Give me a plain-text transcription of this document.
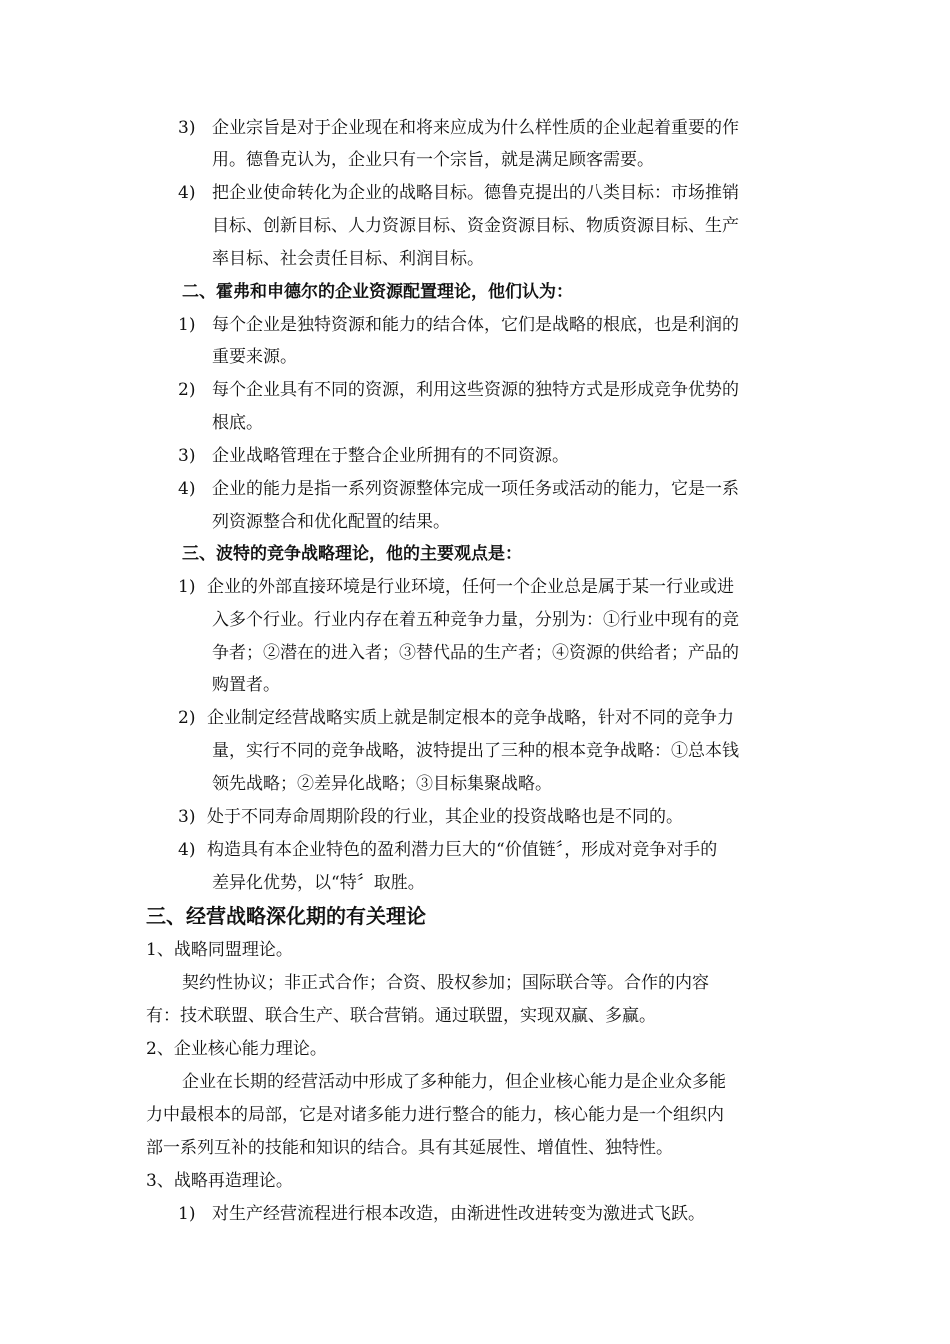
3) 企业宗旨是对于企业现在和将来应成为什么样性质的企业起着重要的作
用。德鲁克认为，企业只有一个宗旨，就是满足顾客需要。
4) 把企业使命转化为企业的战略目标。德鲁克提出的八类目标：市场推销
目标、创新目标、人力资源目标、资金资源目标、物质资源目标、生产
率目标、社会责任目标、利润目标。
二、霍弗和申德尔的企业资源配置理论，他们认为：
1) 每个企业是独特资源和能力的结合体，它们是战略的根底，也是利润的
重要来源。
2) 每个企业具有不同的资源，利用这些资源的独特方式是形成竞争优势的
根底。
3) 企业战略管理在于整合企业所拥有的不同资源。
4) 企业的能力是指一系列资源整体完成一项任务或活动的能力，它是一系
列资源整合和优化配置的结果。
三、波特的竞争战略理论，他的主要观点是：
1) 企业的外部直接环境是行业环境，任何一个企业总是属于某一行业或进
入多个行业。行业内存在着五种竞争力量，分别为：①行业中现有的竞
争者；②潜在的进入者；③替代品的生产者；④资源的供给者；产品的
购置者。
2) 企业制定经营战略实质上就是制定根本的竞争战略，针对不同的竞争力
量，实行不同的竞争战略，波特提出了三种的根本竞争战略：①总本钱
领先战略；②差异化战略；③目标集聚战略。
3) 处于不同寿命周期阶段的行业，其企业的投资战略也是不同的。
4) 构造具有本企业特色的盈利潜力巨大的“价值链〞，形成对竞争对手的
差异化优势，以“特〞取胜。
三、经营战略深化期的有关理论
1、战略同盟理论。
契约性协议；非正式合作；合资、股权参加；国际联合等。合作的内容
有：技术联盟、联合生产、联合营销。通过联盟，实现双赢、多赢。
2、企业核心能力理论。
企业在长期的经营活动中形成了多种能力，但企业核心能力是企业众多能
力中最根本的局部，它是对诸多能力进行整合的能力，核心能力是一个组织内
部一系列互补的技能和知识的结合。具有其延展性、增值性、独特性。
3、战略再造理论。
1) 对生产经营流程进行根本改造，由渐进性改进转变为激进式飞跃。
